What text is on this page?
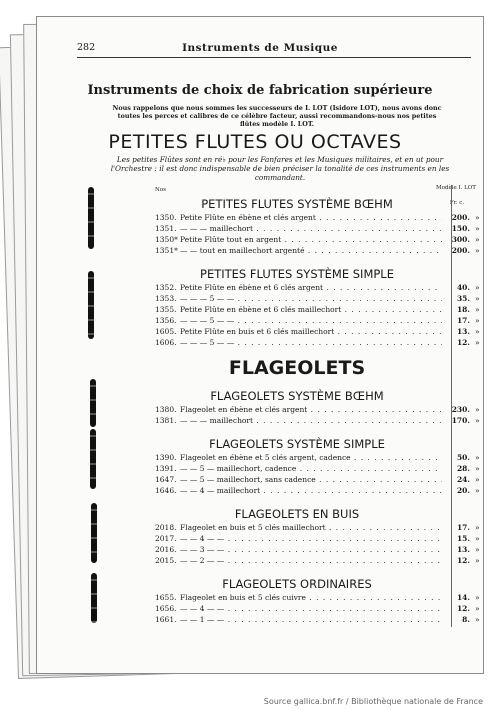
282	Instruments de Musique
Instruments de choix de fabrication supérieure
Nous rappelons que nous sommes les successeurs de I. LOT (Isidore LOT), nous avons donc toutes les perces et calibres de ce célèbre facteur, aussi recommandons-nous nos petites flûtes modèle I. LOT.
PETITES FLUTES OU OCTAVES
Les petites Flûtes sont en ré♭ pour les Fanfares et les Musiques militaires, et en ut pour l'Orchestre : il est donc indispensable de bien préciser la tonalité de ces instruments en les commandant.
Nos	Modèle I. LOT
Fr. c.
PETITES FLUTES SYSTÈME BŒHM
1350. Petite Flûte en ébène et clés argent . . .	200. »
1351. — — — maillechort . . .	150. »
1350* Petite Flûte tout en argent . . .	300. »
1351* — — tout en maillechort argenté . . .	200. »
PETITES FLUTES SYSTÈME SIMPLE
1352. Petite Flûte en ébène et 6 clés argent . . .	40. »
1353. — — — 5 — — . . .	35. »
1355. Petite Flûte en ébène et 6 clés maillechort . . .	18. »
1356. — — — 5 — — . . .	17. »
1605. Petite Flûte en buis et 6 clés maillechort . . .	13. »
1606. — — — 5 — — . . .	12. »
FLAGEOLETS
FLAGEOLETS SYSTÈME BŒHM
1380. Flageolet en ébène et clés argent . . .	230. »
1381. — — — maillechort . . .	170. »
FLAGEOLETS SYSTÈME SIMPLE
1390. Flageolet en ébène et 5 clés argent, cadence . . .	50. »
1391. — — 5 — maillechort, cadence . . .	28. »
1647. — — 5 — maillechort, sans cadence . . .	24. »
1646. — — 4 — maillechort . . .	20. »
FLAGEOLETS EN BUIS
2018. Flageolet en buis et 5 clés maillechort . . .	17. »
2017. — — 4 — — . . .	15. »
2016. — — 3 — — . . .	13. »
2015. — — 2 — — . . .	12. »
FLAGEOLETS ORDINAIRES
1655. Flageolet en buis et 5 clés cuivre . . .	14. »
1656. — — 4 — — . . .	12. »
1661. — — 1 — — . . .	8. »
Source gallica.bnf.fr / Bibliothèque nationale de France
